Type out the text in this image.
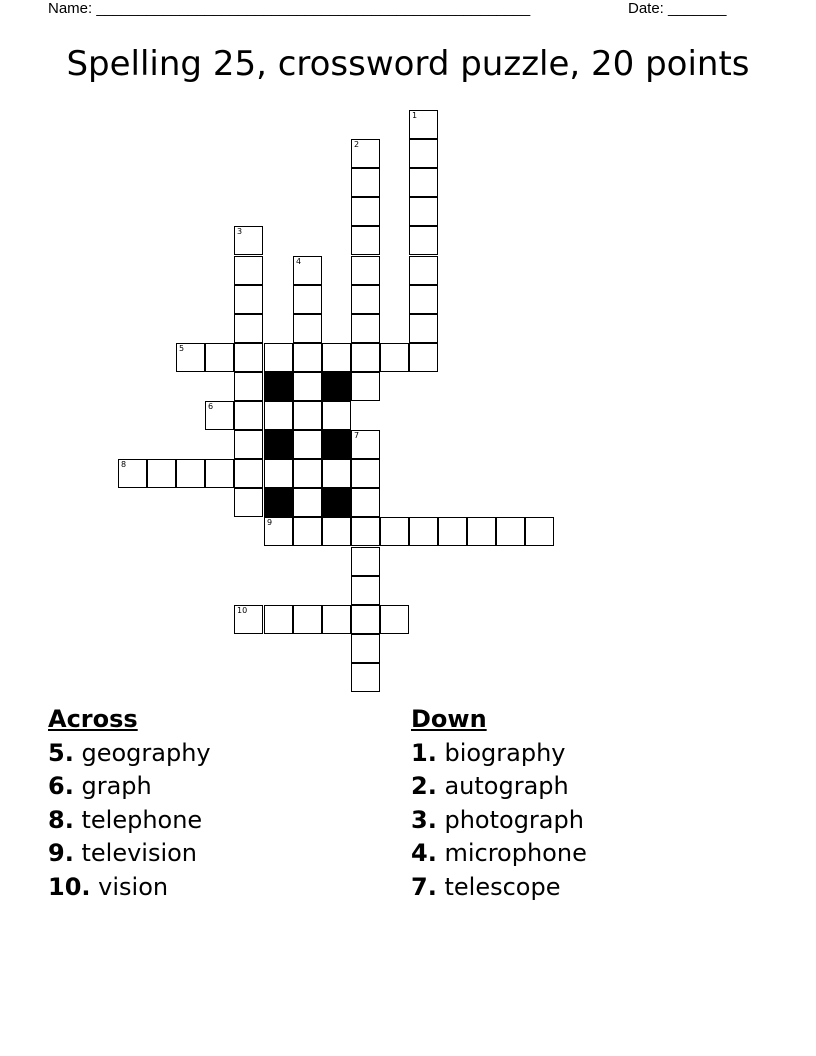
Name: ____________________________________________________	Date: _______
Spelling 25, crossword puzzle, 20 points
1
2
3
4
5
6
7
8
9
10
Across
5. geography
6. graph
8. telephone
9. television
10. vision
Down
1. biography
2. autograph
3. photograph
4. microphone
7. telescope
